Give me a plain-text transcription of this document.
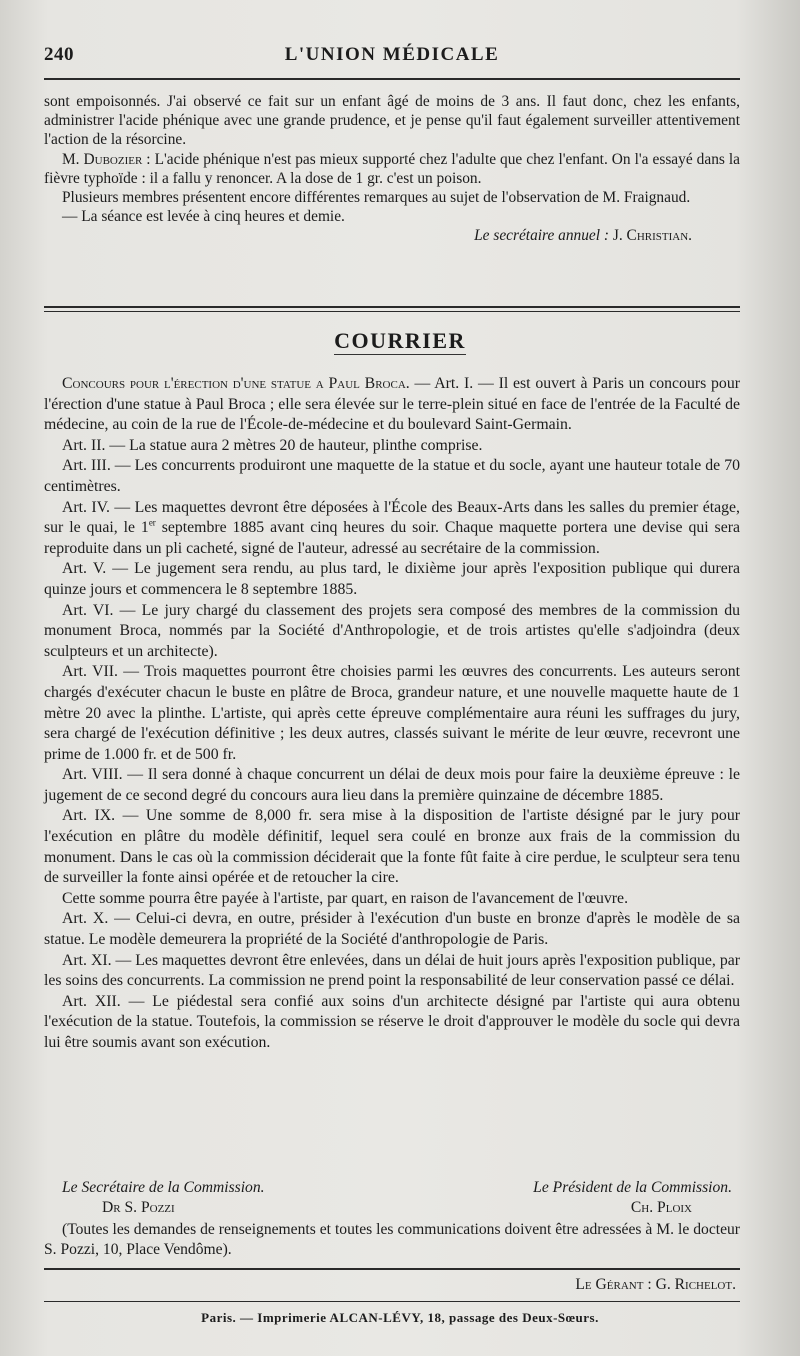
240	L'UNION MÉDICALE

sont empoisonnés. J'ai observé ce fait sur un enfant âgé de moins de 3 ans. Il faut donc, chez les enfants, administrer l'acide phénique avec une grande prudence, et je pense qu'il faut également surveiller attentivement l'action de la résorcine.

M. Dubozier : L'acide phénique n'est pas mieux supporté chez l'adulte que chez l'enfant. On l'a essayé dans la fièvre typhoïde : il a fallu y renoncer. A la dose de 1 gr. c'est un poison.

Plusieurs membres présentent encore différentes remarques au sujet de l'observation de M. Fraignaud.

— La séance est levée à cinq heures et demie.

Le secrétaire annuel : J. Christian.

COURRIER

Concours pour l'érection d'une statue a Paul Broca. — Art. I. — Il est ouvert à Paris un concours pour l'érection d'une statue à Paul Broca ; elle sera élevée sur le terre-plein situé en face de l'entrée de la Faculté de médecine, au coin de la rue de l'École-de-médecine et du boulevard Saint-Germain.

Art. II. — La statue aura 2 mètres 20 de hauteur, plinthe comprise.

Art. III. — Les concurrents produiront une maquette de la statue et du socle, ayant une hauteur totale de 70 centimètres.

Art. IV. — Les maquettes devront être déposées à l'École des Beaux-Arts dans les salles du premier étage, sur le quai, le 1er septembre 1885 avant cinq heures du soir. Chaque maquette portera une devise qui sera reproduite dans un pli cacheté, signé de l'auteur, adressé au secrétaire de la commission.

Art. V. — Le jugement sera rendu, au plus tard, le dixième jour après l'exposition publique qui durera quinze jours et commencera le 8 septembre 1885.

Art. VI. — Le jury chargé du classement des projets sera composé des membres de la commission du monument Broca, nommés par la Société d'Anthropologie, et de trois artistes qu'elle s'adjoindra (deux sculpteurs et un architecte).

Art. VII. — Trois maquettes pourront être choisies parmi les œuvres des concurrents. Les auteurs seront chargés d'exécuter chacun le buste en plâtre de Broca, grandeur nature, et une nouvelle maquette haute de 1 mètre 20 avec la plinthe. L'artiste, qui après cette épreuve complémentaire aura réuni les suffrages du jury, sera chargé de l'exécution définitive ; les deux autres, classés suivant le mérite de leur œuvre, recevront une prime de 1.000 fr. et de 500 fr.

Art. VIII. — Il sera donné à chaque concurrent un délai de deux mois pour faire la deuxième épreuve : le jugement de ce second degré du concours aura lieu dans la première quinzaine de décembre 1885.

Art. IX. — Une somme de 8,000 fr. sera mise à la disposition de l'artiste désigné par le jury pour l'exécution en plâtre du modèle définitif, lequel sera coulé en bronze aux frais de la commission du monument. Dans le cas où la commission déciderait que la fonte fût faite à cire perdue, le sculpteur sera tenu de surveiller la fonte ainsi opérée et de retoucher la cire.

Cette somme pourra être payée à l'artiste, par quart, en raison de l'avancement de l'œuvre.

Art. X. — Celui-ci devra, en outre, présider à l'exécution d'un buste en bronze d'après le modèle de sa statue. Le modèle demeurera la propriété de la Société d'anthropologie de Paris.

Art. XI. — Les maquettes devront être enlevées, dans un délai de huit jours après l'exposition publique, par les soins des concurrents. La commission ne prend point la responsabilité de leur conservation passé ce délai.

Art. XII. — Le piédestal sera confié aux soins d'un architecte désigné par l'artiste qui aura obtenu l'exécution de la statue. Toutefois, la commission se réserve le droit d'approuver le modèle du socle qui devra lui être soumis avant son exécution.

Le Secrétaire de la Commission.	Le Président de la Commission.
Dr S. Pozzi	Ch. Ploix

(Toutes les demandes de renseignements et toutes les communications doivent être adressées à M. le docteur S. Pozzi, 10, Place Vendôme).

Le Gérant : G. Richelot.
Paris. — Imprimerie ALCAN-LÉVY, 18, passage des Deux-Sœurs.
